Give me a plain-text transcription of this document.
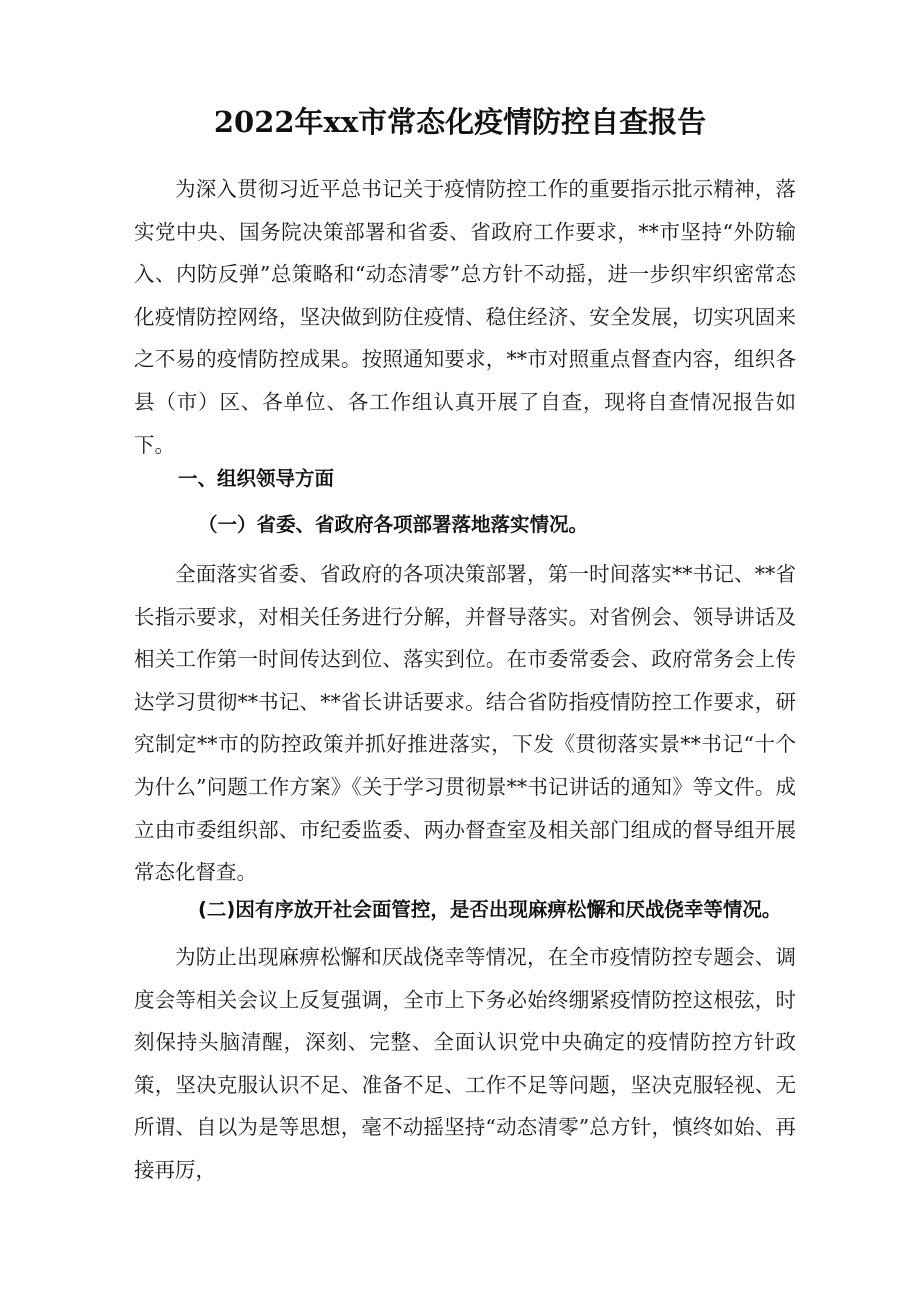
2022年xx市常态化疫情防控自查报告

为深入贯彻习近平总书记关于疫情防控工作的重要指示批示精神，落实党中央、国务院决策部署和省委、省政府工作要求，**市坚持“外防输入、内防反弹”总策略和“动态清零”总方针不动摇，进一步织牢织密常态化疫情防控网络，坚决做到防住疫情、稳住经济、安全发展，切实巩固来之不易的疫情防控成果。按照通知要求，**市对照重点督查内容，组织各县（市）区、各单位、各工作组认真开展了自查，现将自查情况报告如下。

一、组织领导方面
（一）省委、省政府各项部署落地落实情况。

全面落实省委、省政府的各项决策部署，第一时间落实**书记、**省长指示要求，对相关任务进行分解，并督导落实。对省例会、领导讲话及相关工作第一时间传达到位、落实到位。在市委常委会、政府常务会上传达学习贯彻**书记、**省长讲话要求。结合省防指疫情防控工作要求，研究制定**市的防控政策并抓好推进落实，下发《贯彻落实景**书记“十个为什么”问题工作方案》《关于学习贯彻景**书记讲话的通知》等文件。成立由市委组织部、市纪委监委、两办督查室及相关部门组成的督导组开展常态化督查。

(二)因有序放开社会面管控，是否出现麻痹松懈和厌战侥幸等情况。

为防止出现麻痹松懈和厌战侥幸等情况，在全市疫情防控专题会、调度会等相关会议上反复强调，全市上下务必始终绷紧疫情防控这根弦，时刻保持头脑清醒，深刻、完整、全面认识党中央确定的疫情防控方针政策，坚决克服认识不足、准备不足、工作不足等问题，坚决克服轻视、无所谓、自以为是等思想，毫不动摇坚持“动态清零”总方针，慎终如始、再接再厉，
